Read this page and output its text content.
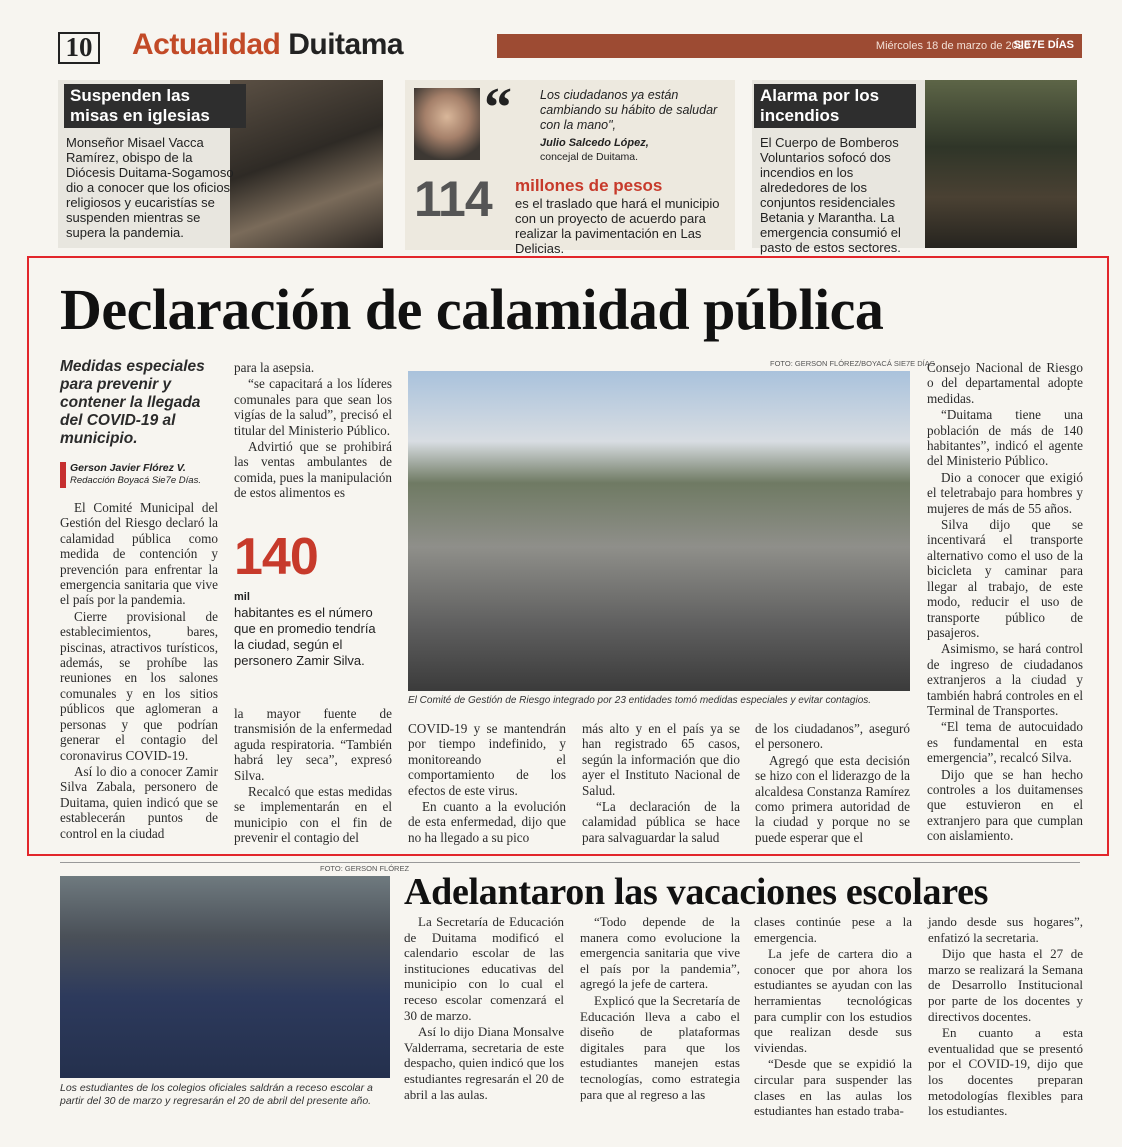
10 Actualidad Duitama	Miércoles 18 de marzo de 2020
SIE7E DÍAS
Suspenden las misas en iglesias
Monseñor Misael Vacca Ramírez, obispo de la Diócesis Duitama-Sogamoso dio a conocer que los oficios religiosos y eucaristías se suspenden mientras se supera la pandemia.
“ Los ciudadanos ya están cambiando su hábito de saludar con la mano",
Julio Salcedo López,
concejal de Duitama.
114 millones de pesos
es el traslado que hará el municipio con un proyecto de acuerdo para realizar la pavimentación en Las Delicias.
Alarma por los incendios
El Cuerpo de Bomberos Voluntarios sofocó dos incendios en los alrededores de los conjuntos residenciales Betania y Marantha. La emergencia consumió el pasto de estos sectores.
Declaración de calamidad pública
Medidas especiales para prevenir y contener la llegada del COVID-19 al municipio.
Gerson Javier Flórez V.
Redacción Boyacá Sie7e Días.

El Comité Municipal del Gestión del Riesgo declaró la calamidad pública como medida de contención y prevención para enfrentar la emergencia sanitaria que vive el país por la pandemia.

Cierre provisional de establecimientos, bares, piscinas, atractivos turísticos, además, se prohíbe las reuniones en los salones comunales y en los sitios públicos que aglomeran a personas y que podrían generar el contagio del coronavirus COVID-19.

Así lo dio a conocer Zamir Silva Zabala, personero de Duitama, quien indicó que se establecerán puntos de control en la ciudad

para la asepsia.

“se capacitará a los líderes comunales para que sean los vigías de la salud”, precisó el titular del Ministerio Público.

Advirtió que se prohibirá las ventas ambulantes de comida, pues la manipulación de estos alimentos es

140
mil
habitantes es el número que en promedio tendría la ciudad, según el personero Zamir Silva.

la mayor fuente de transmisión de la enfermedad aguda respiratoria. “También habrá ley seca”, expresó Silva.

Recalcó que estas medidas se implementarán en el municipio con el fin de prevenir el contagio del

FOTO: GERSON FLÓREZ/BOYACÁ SIE7E DÍAS
El Comité de Gestión de Riesgo integrado por 23 entidades tomó medidas especiales y evitar contagios.

COVID-19 y se mantendrán por tiempo indefinido, y monitoreando el comportamiento de los efectos de este virus.

En cuanto a la evolución de esta enfermedad, dijo que no ha llegado a su pico

más alto y en el país ya se han registrado 65 casos, según la información que dio ayer el Instituto Nacional de Salud.

“La declaración de la calamidad pública se hace para salvaguardar la salud

de los ciudadanos”, aseguró el personero.

Agregó que esta decisión se hizo con el liderazgo de la alcaldesa Constanza Ramírez como primera autoridad de la ciudad y porque no se puede esperar que el

Consejo Nacional de Riesgo o del departamental adopte medidas.

“Duitama tiene una población de más de 140 habitantes”, indicó el agente del Ministerio Público.

Dio a conocer que exigió el teletrabajo para hombres y mujeres de más de 55 años.

Silva dijo que se incentivará el transporte alternativo como el uso de la bicicleta y caminar para llegar al trabajo, de este modo, reducir el uso de transporte público de pasajeros.

Asimismo, se hará control de ingreso de ciudadanos extranjeros a la ciudad y también habrá controles en el Terminal de Transportes.

“El tema de autocuidado es fundamental en esta emergencia”, recalcó Silva.

Dijo que se han hecho controles a los duitamenses que estuvieron en el extranjero para que cumplan con aislamiento.

FOTO: GERSON FLÓREZ
Los estudiantes de los colegios oficiales saldrán a receso escolar a partir del 30 de marzo y regresarán el 20 de abril del presente año.
Adelantaron las vacaciones escolares

La Secretaría de Educación de Duitama modificó el calendario escolar de las instituciones educativas del municipio con lo cual el receso escolar comenzará el 30 de marzo.

Así lo dijo Diana Monsalve Valderrama, secretaria de este despacho, quien indicó que los estudiantes regresarán el 20 de abril a las aulas.

“Todo depende de la manera como evolucione la emergencia sanitaria que vive el país por la pandemia”, agregó la jefe de cartera.

Explicó que la Secretaría de Educación lleva a cabo el diseño de plataformas digitales para que los estudiantes manejen estas tecnologías, como estrategia para que al regreso a las

clases continúe pese a la emergencia.

La jefe de cartera dio a conocer que por ahora los estudiantes se ayudan con las herramientas tecnológicas para cumplir con los estudios que realizan desde sus viviendas.

“Desde que se expidió la circular para suspender las clases en las aulas los estudiantes han estado traba-

jando desde sus hogares”, enfatizó la secretaria.

Dijo que hasta el 27 de marzo se realizará la Semana de Desarrollo Institucional por parte de los docentes y directivos docentes.

En cuanto a esta eventualidad que se presentó por el COVID-19, dijo que los docentes preparan metodologías flexibles para los estudiantes.
